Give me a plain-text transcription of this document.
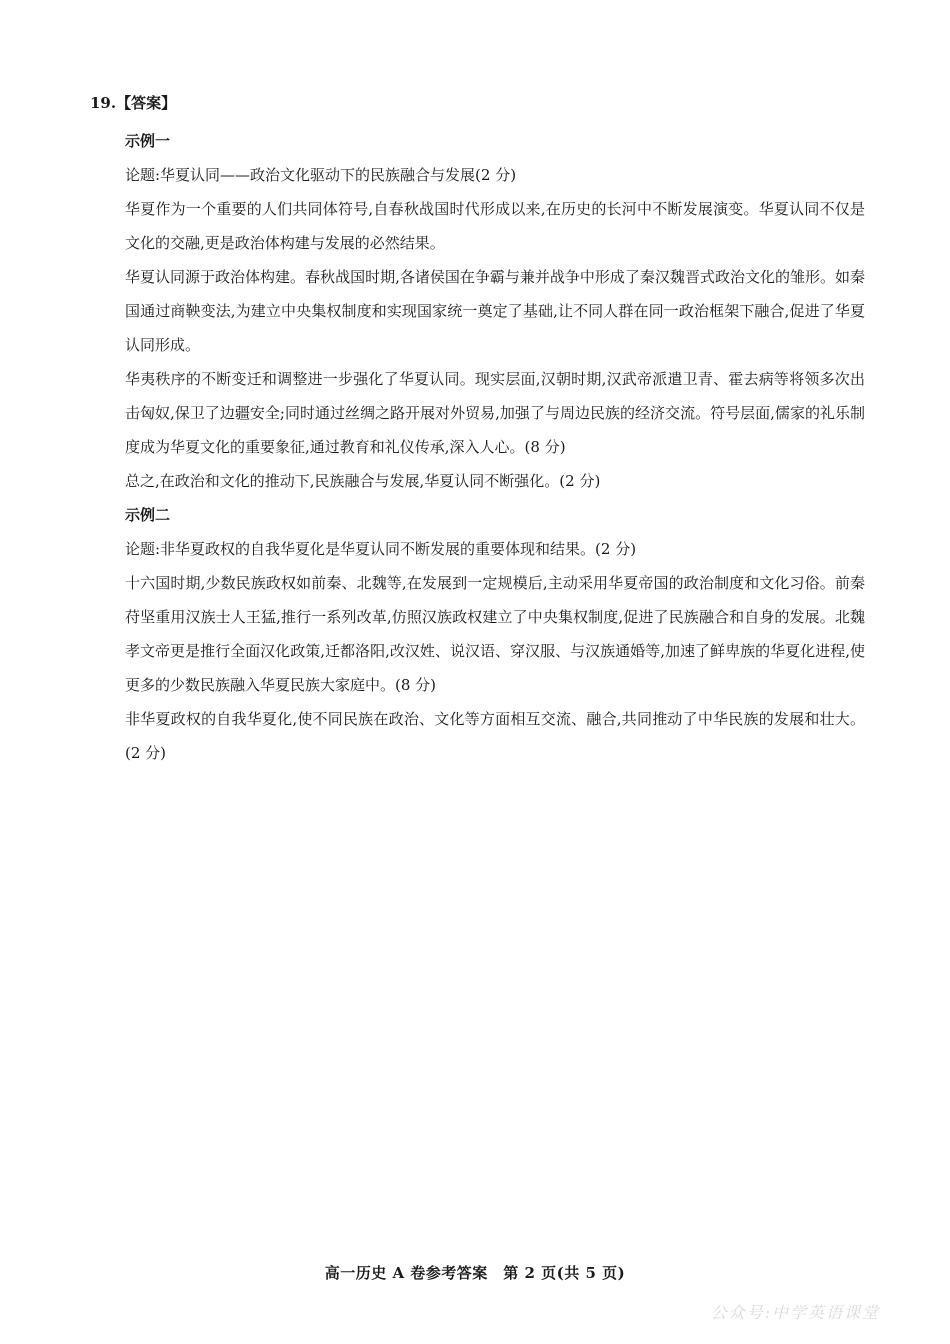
19.【答案】
示例一

论题:华夏认同——政治文化驱动下的民族融合与发展(2 分)

华夏作为一个重要的人们共同体符号,自春秋战国时代形成以来,在历史的长河中不断发展演变。华夏认同不仅是文化的交融,更是政治体构建与发展的必然结果。

华夏认同源于政治体构建。春秋战国时期,各诸侯国在争霸与兼并战争中形成了秦汉魏晋式政治文化的雏形。如秦国通过商鞅变法,为建立中央集权制度和实现国家统一奠定了基础,让不同人群在同一政治框架下融合,促进了华夏认同形成。

华夷秩序的不断变迁和调整进一步强化了华夏认同。现实层面,汉朝时期,汉武帝派遣卫青、霍去病等将领多次出击匈奴,保卫了边疆安全;同时通过丝绸之路开展对外贸易,加强了与周边民族的经济交流。符号层面,儒家的礼乐制度成为华夏文化的重要象征,通过教育和礼仪传承,深入人心。(8 分)

总之,在政治和文化的推动下,民族融合与发展,华夏认同不断强化。(2 分)

示例二

论题:非华夏政权的自我华夏化是华夏认同不断发展的重要体现和结果。(2 分)

十六国时期,少数民族政权如前秦、北魏等,在发展到一定规模后,主动采用华夏帝国的政治制度和文化习俗。前秦苻坚重用汉族士人王猛,推行一系列改革,仿照汉族政权建立了中央集权制度,促进了民族融合和自身的发展。北魏孝文帝更是推行全面汉化政策,迁都洛阳,改汉姓、说汉语、穿汉服、与汉族通婚等,加速了鲜卑族的华夏化进程,使更多的少数民族融入华夏民族大家庭中。(8 分)

非华夏政权的自我华夏化,使不同民族在政治、文化等方面相互交流、融合,共同推动了中华民族的发展和壮大。(2 分)

高一历史 A 卷参考答案　第 2 页(共 5 页)
公众号:中学英语课堂
